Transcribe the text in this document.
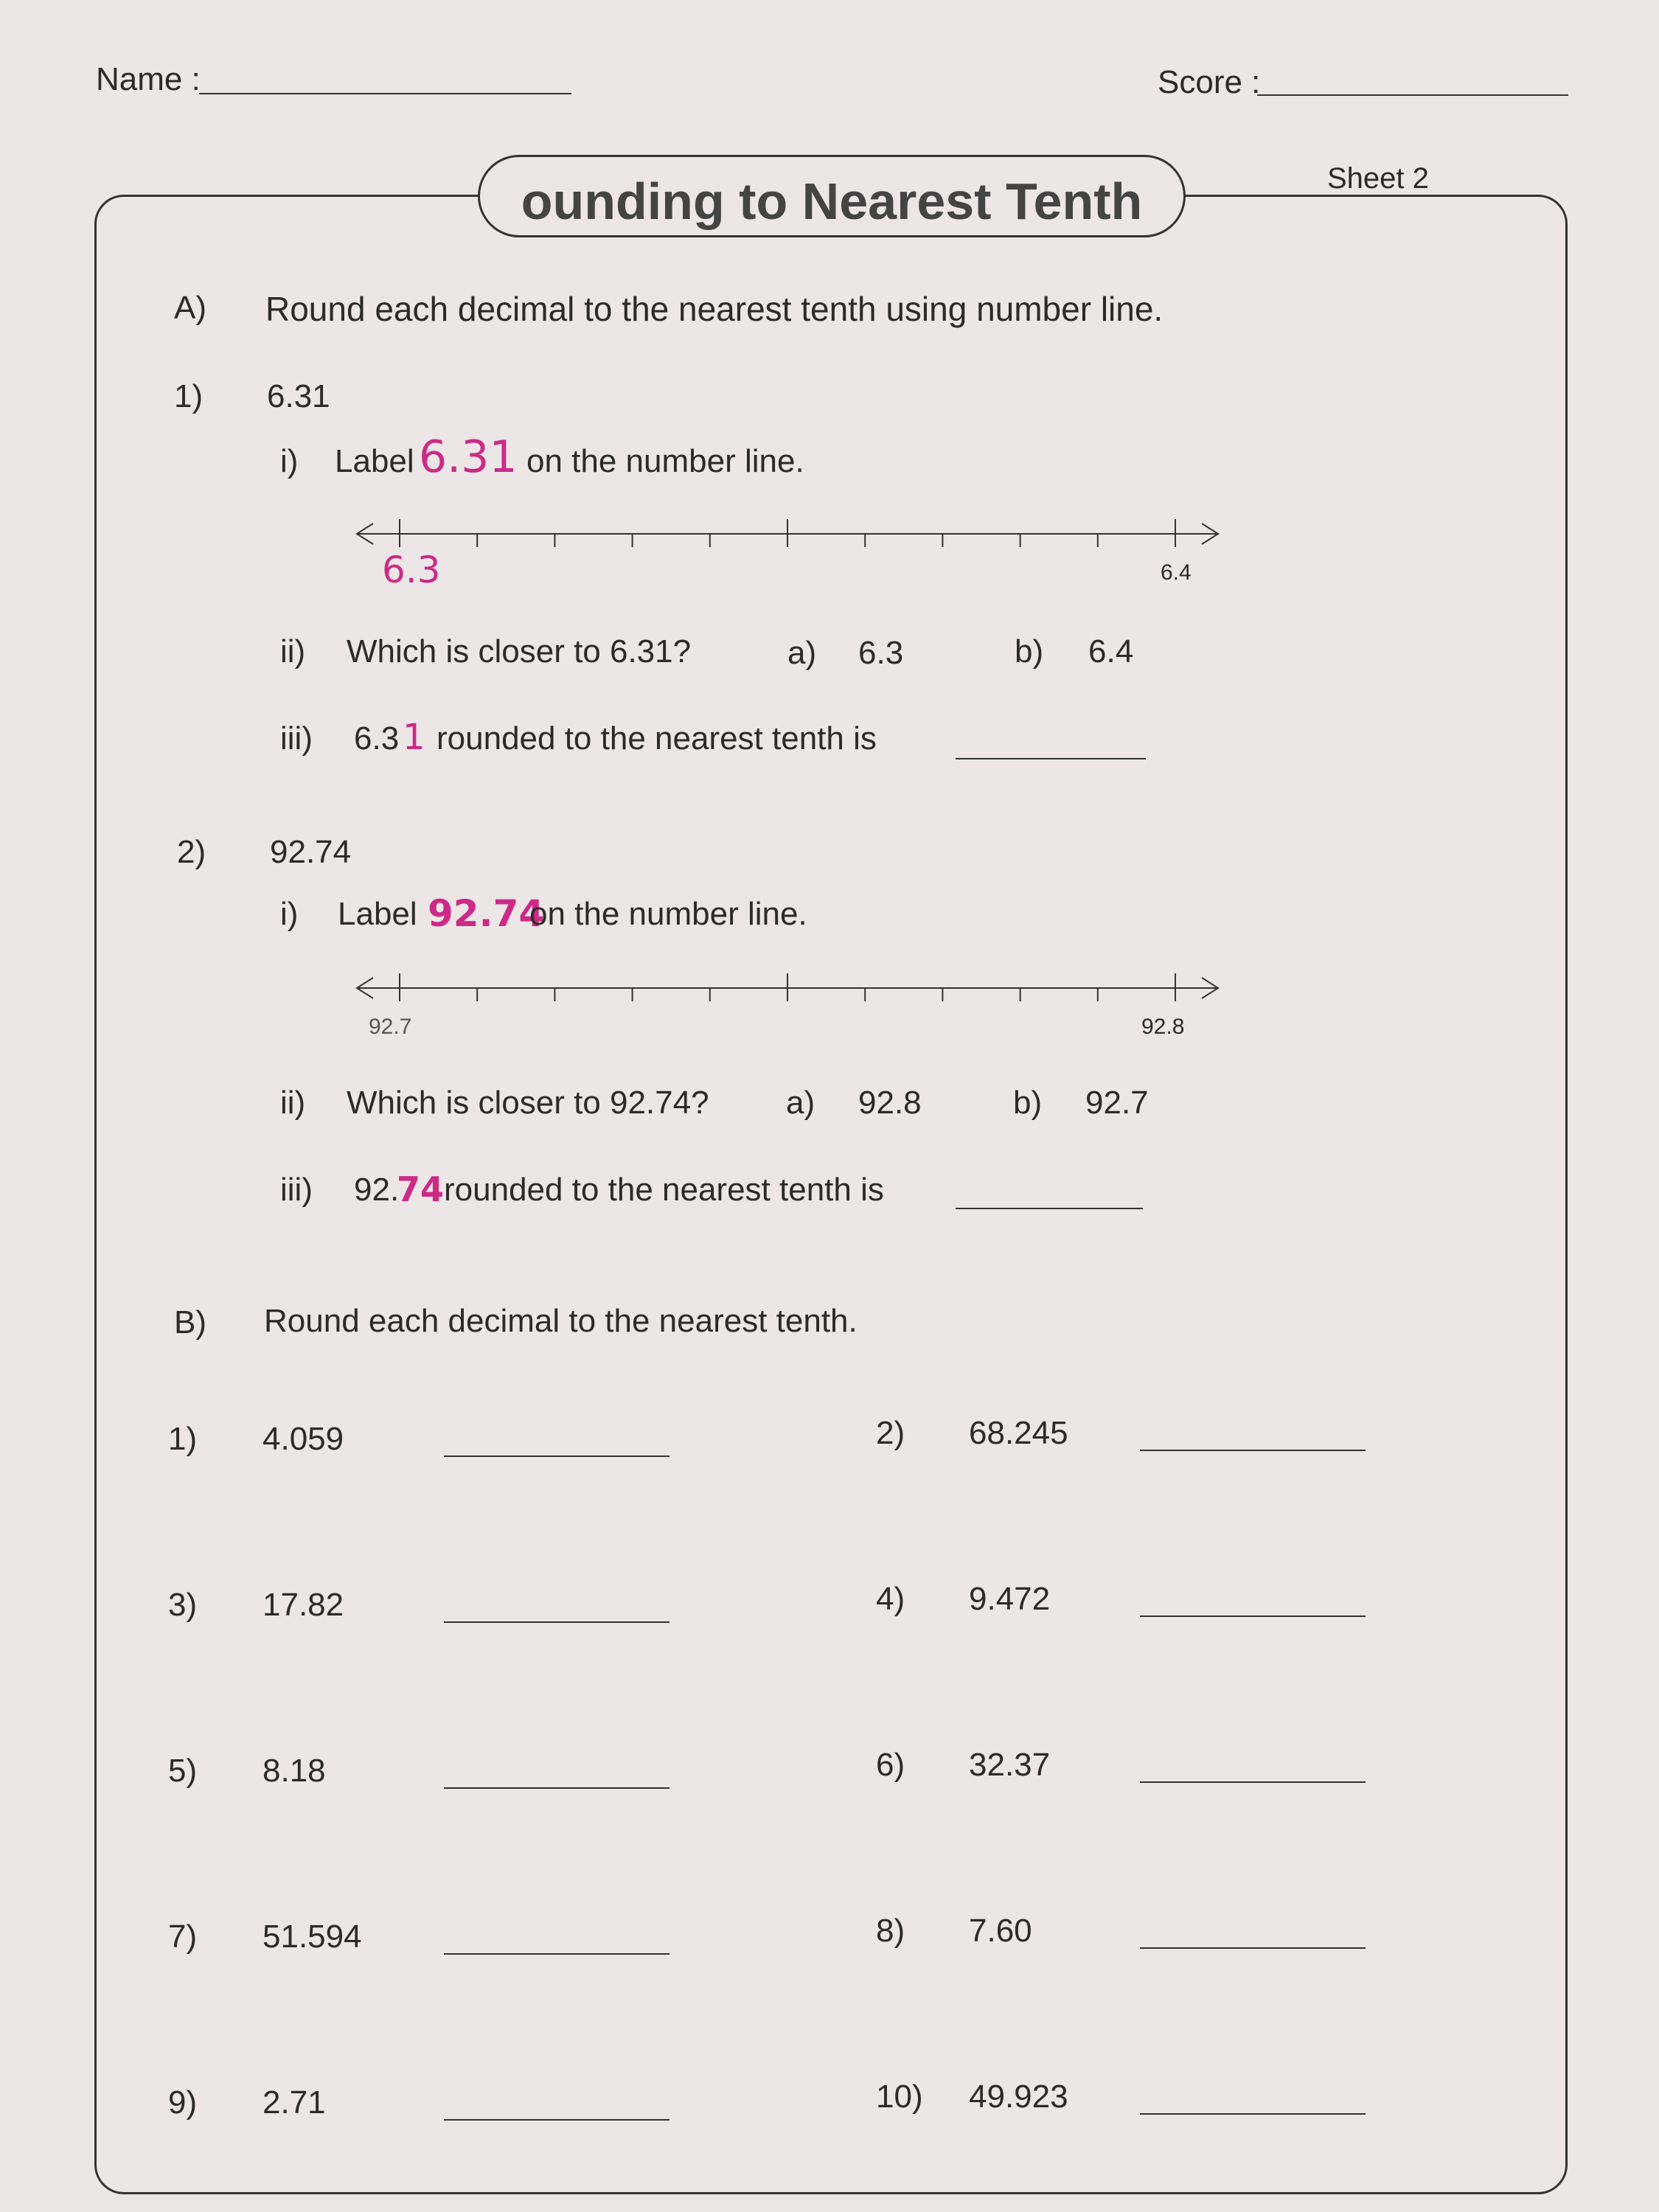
Name :	Score :
ounding to Nearest Tenth	Sheet 2
A) Round each decimal to the nearest tenth using number line.
1) 6.31
i) Label 6.31 on the number line.
6.3	6.4
ii) Which is closer to 6.31?	a) 6.3	b) 6.4
iii) 6.3 1 rounded to the nearest tenth is
2) 92.74
i) Label 92.74
on the number line.
92.7	92.8
ii) Which is closer to 92.74? a) 92.8	b) 92.7
iii) 92.
74 rounded to the nearest tenth is
B) Round each decimal to the nearest tenth.
1) 4.059	2) 68.245
3) 17.82	4) 9.472
5) 8.18	6) 32.37
7) 51.594	8) 7.60
9) 2.71	10) 49.923
